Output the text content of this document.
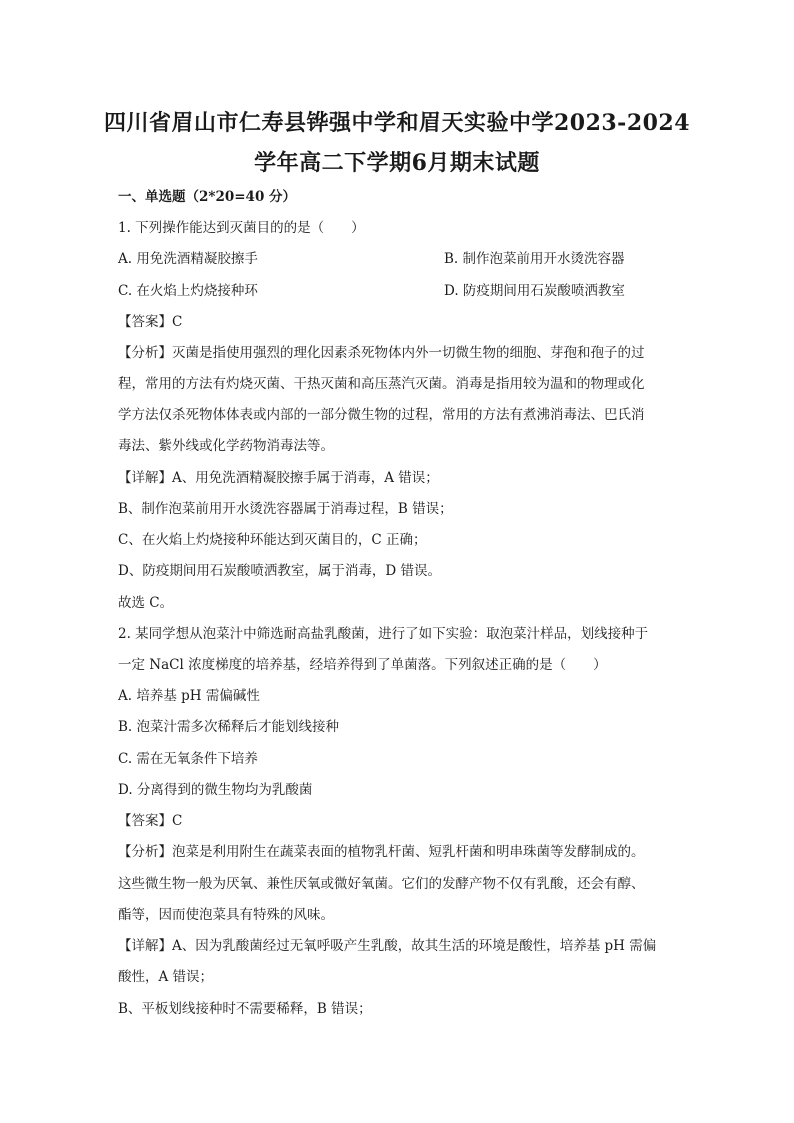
四川省眉山市仁寿县铧强中学和眉天实验中学2023-2024
学年高二下学期6月期末试题
一、单选题（2*20=40 分）
1. 下列操作能达到灭菌目的的是（　　）
A. 用免洗酒精凝胶擦手	B. 制作泡菜前用开水烫洗容器
C. 在火焰上灼烧接种环	D. 防疫期间用石炭酸喷洒教室
【答案】C
【分析】灭菌是指使用强烈的理化因素杀死物体内外一切微生物的细胞、芽孢和孢子的过
程，常用的方法有灼烧灭菌、干热灭菌和高压蒸汽灭菌。消毒是指用较为温和的物理或化
学方法仅杀死物体体表或内部的一部分微生物的过程，常用的方法有煮沸消毒法、巴氏消
毒法、紫外线或化学药物消毒法等。
【详解】A、用免洗酒精凝胶擦手属于消毒，A 错误；
B、制作泡菜前用开水烫洗容器属于消毒过程，B 错误；
C、在火焰上灼烧接种环能达到灭菌目的，C 正确；
D、防疫期间用石炭酸喷洒教室，属于消毒，D 错误。
故选 C。
2. 某同学想从泡菜汁中筛选耐高盐乳酸菌，进行了如下实验：取泡菜汁样品，划线接种于
一定 NaCl 浓度梯度的培养基，经培养得到了单菌落。下列叙述正确的是（　　）
A. 培养基 pH 需偏碱性
B. 泡菜汁需多次稀释后才能划线接种
C. 需在无氧条件下培养
D. 分离得到的微生物均为乳酸菌
【答案】C
【分析】泡菜是利用附生在蔬菜表面的植物乳杆菌、短乳杆菌和明串珠菌等发酵制成的。
这些微生物一般为厌氧、兼性厌氧或微好氧菌。它们的发酵产物不仅有乳酸，还会有醇、
酯等，因而使泡菜具有特殊的风味。
【详解】A、因为乳酸菌经过无氧呼吸产生乳酸，故其生活的环境是酸性，培养基 pH 需偏
酸性，A 错误；
B、平板划线接种时不需要稀释，B 错误；
